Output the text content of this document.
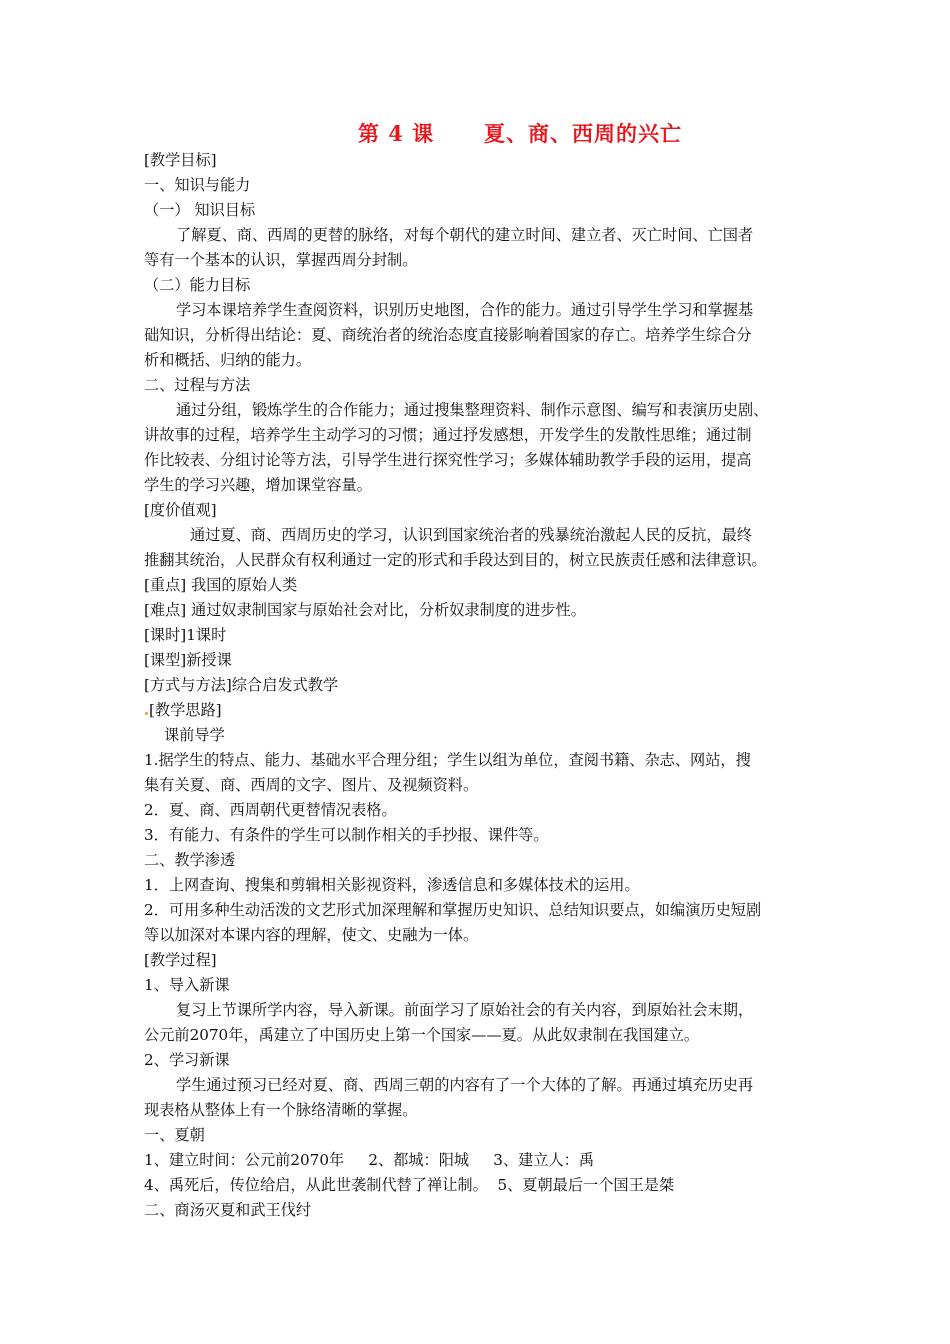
第 4 课 夏、商、西周的兴亡
[教学目标]
一、知识与能力
（一） 知识目标
了解夏、商、西周的更替的脉络，对每个朝代的建立时间、建立者、灭亡时间、亡国者
等有一个基本的认识，掌握西周分封制。
（二）能力目标
学习本课培养学生查阅资料，识别历史地图，合作的能力。通过引导学生学习和掌握基
础知识，分析得出结论：夏、商统治者的统治态度直接影响着国家的存亡。培养学生综合分
析和概括、归纳的能力。
二、过程与方法
通过分组，锻炼学生的合作能力；通过搜集整理资料、制作示意图、编写和表演历史剧、
讲故事的过程，培养学生主动学习的习惯；通过抒发感想，开发学生的发散性思维；通过制
作比较表、分组讨论等方法，引导学生进行探究性学习；多媒体辅助教学手段的运用，提高
学生的学习兴趣，增加课堂容量。
[度价值观]
通过夏、商、西周历史的学习，认识到国家统治者的残暴统治激起人民的反抗，最终
推翻其统治，人民群众有权利通过一定的形式和手段达到目的，树立民族责任感和法律意识。
[重点] 我国的原始人类
[难点] 通过奴隶制国家与原始社会对比，分析奴隶制度的进步性。
[课时]1课时
[课型]新授课
[方式与方法]综合启发式教学
[教学思路]
课前导学
1.据学生的特点、能力、基础水平合理分组；学生以组为单位，查阅书籍、杂志、网站，搜
集有关夏、商、西周的文字、图片、及视频资料。
2．夏、商、西周朝代更替情况表格。
3．有能力、有条件的学生可以制作相关的手抄报、课件等。
二、教学渗透
1．上网查询、搜集和剪辑相关影视资料，渗透信息和多媒体技术的运用。
2．可用多种生动活泼的文艺形式加深理解和掌握历史知识、总结知识要点，如编演历史短剧
等以加深对本课内容的理解，使文、史融为一体。
[教学过程]
1、导入新课
复习上节课所学内容，导入新课。前面学习了原始社会的有关内容，到原始社会末期，
公元前2070年，禹建立了中国历史上第一个国家——夏。从此奴隶制在我国建立。
2、学习新课
学生通过预习已经对夏、商、西周三朝的内容有了一个大体的了解。再通过填充历史再
现表格从整体上有一个脉络清晰的掌握。
一、夏朝
1、建立时间：公元前2070年     2、都城：阳城     3、建立人：禹
4、禹死后，传位给启，从此世袭制代替了禅让制。  5、夏朝最后一个国王是桀
二、商汤灭夏和武王伐纣
